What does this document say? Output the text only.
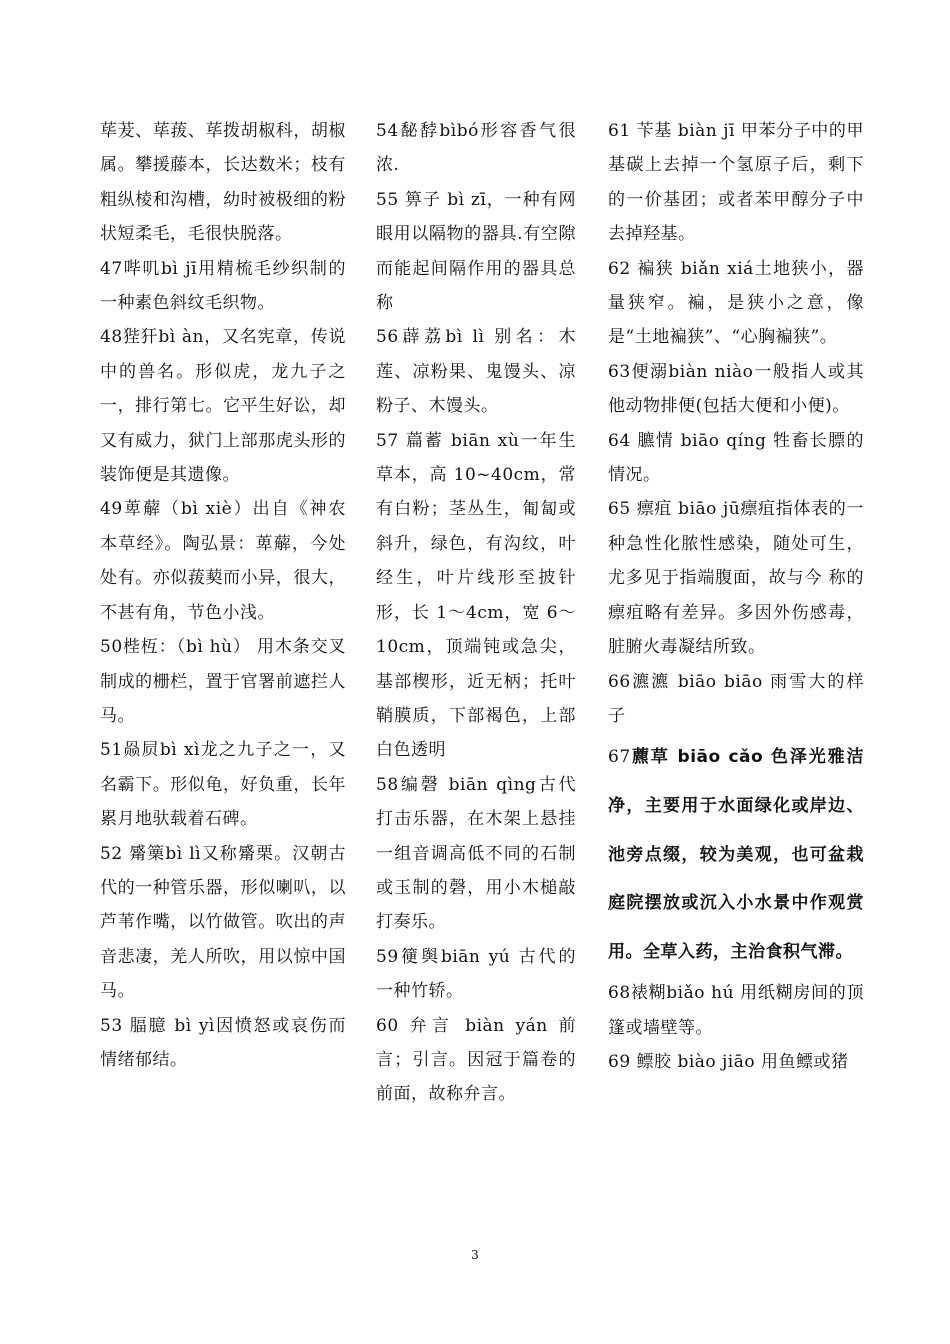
荜茇、荜菝、荜拨胡椒科，胡椒属。攀援藤本，长达数米；枝有粗纵棱和沟槽，幼时被极细的粉状短柔毛，毛很快脱落。

47哔叽bì jī用精梳毛纱织制的一种素色斜纹毛织物。

48狴犴bì àn，又名宪章，传说中的兽名。形似虎，龙九子之一，排行第七。它平生好讼，却又有威力，狱门上部那虎头形的装饰便是其遗像。

49萆薢（bì xiè）出自《神农本草经》。陶弘景：萆薢，今处处有。亦似菝葜而小异，很大，不甚有角，节色小浅。

50梐枑：（bì hù） 用木条交叉制成的栅栏，置于官署前遮拦人马。

51赑屃bì xì龙之九子之一，又名霸下。形似龟，好负重，长年累月地驮载着石碑。

52 觱篥bì lì又称觱栗。汉朝古代的一种管乐器，形似喇叭，以芦苇作嘴，以竹做管。吹出的声音悲凄，羌人所吹，用以惊中国马。

53 腷臆 bì yì因愤怒或哀伤而情绪郁结。

54馝馞bìbó形容香气很浓.

55 箅子 bì zī，一种有网眼用以隔物的器具.有空隙而能起间隔作用的器具总称

56薜荔bì lì 别名：木莲、凉粉果、鬼馒头、凉粉子、木馒头。

57 萹蓄 biān xù一年生草本，高 10~40cm，常有白粉；茎丛生，匍匐或斜升，绿色，有沟纹，叶经生，叶片线形至披针形，长 1～4cm，宽 6～10cm，顶端钝或急尖，基部楔形，近无柄；托叶鞘膜质，下部褐色，上部白色透明

58编磬 biān qìng古代打击乐器，在木架上悬挂一组音调高低不同的石制或玉制的磬，用小木槌敲打奏乐。

59箯舆biān yú 古代的一种竹轿。

60 弁言 biàn yán 前言；引言。因冠于篇卷的前面，故称弁言。

61 苄基 biàn jī 甲苯分子中的甲基碳上去掉一个氢原子后，剩下的一价基团；或者苯甲醇分子中去掉羟基。

62 褊狭 biǎn xiá土地狭小，器量狭窄。褊，是狭小之意，像是“土地褊狭”、“心胸褊狭”。

63便溺biàn niào一般指人或其他动物排便(包括大便和小便)。

64 臕情 biāo qíng 牲畜长膘的情况。

65 瘭疽 biāo jū瘭疽指体表的一种急性化脓性感染，随处可生，尤多见于指端腹面，故与今 称的瘭疽略有差异。多因外伤感毒，脏腑火毒凝结所致。

66瀌瀌 biāo biāo 雨雪大的样子

67藨草 biāo cǎo 色泽光雅洁净，主要用于水面绿化或岸边、池旁点缀，较为美观，也可盆栽庭院摆放或沉入小水景中作观赏用。全草入药，主治食积气滞。

68裱糊biǎo hú 用纸糊房间的顶篷或墙壁等。

69 鳔胶 biào jiāo 用鱼鳔或猪

3
